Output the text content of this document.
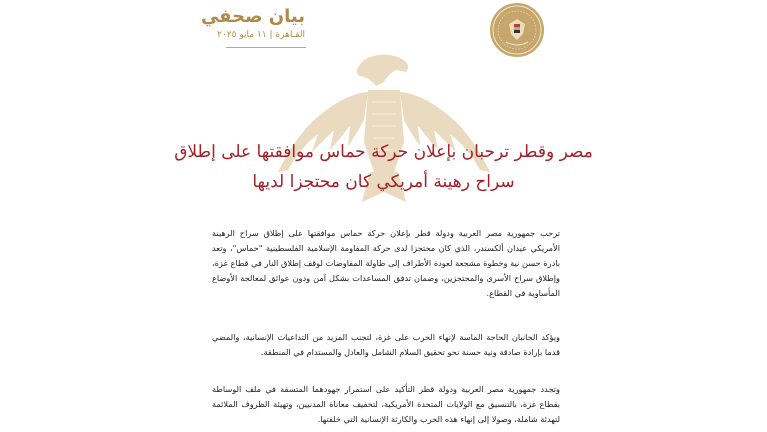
بيان صحفي
القـاهرة | ١١ مايو ٢٠٢٥
مصر وقطر ترحبان بإعلان حركة حماس موافقتها على إطلاق
سراح رهينة أمريكي كان محتجزا لديها

ترحب جمهورية مصر العربية ودولة قطر بإعلان حركة حماس موافقتها على إطلاق سراح الرهينة الأمريكي عيدان ألكسندر، الذي كان محتجزا لدى حركة المقاومة الإسلامية الفلسطينية "حماس"، وتعد بادرة حسن نية وخطوة مشجعة لعودة الأطراف إلى طاولة المفاوضات لوقف إطلاق النار في قطاع غزة، وإطلاق سراح الأسرى والمحتجزين، وضمان تدفق المساعدات بشكل آمن ودون عوائق لمعالجة الأوضاع المأساوية في القطاع.

ويؤكد الجانبان الحاجة الماسة لإنهاء الحرب على غزة، لتجنب المزيد من التداعيات الإنسانية، والمضي قدما بإرادة صادقة ونية حسنة نحو تحقيق السلام الشامل والعادل والمستدام في المنطقة.

وتجدد جمهورية مصر العربية ودولة قطر التأكيد على استمرار جهودهما المتسقة في ملف الوساطة بقطاع غزة، بالتنسيق مع الولايات المتحدة الأمريكية، لتخفيف معاناة المدنيين، وتهيئة الظروف الملائمة لتهدئة شاملة، وصولا إلى إنهاء هذه الحرب والكارثة الإنسانية التي خلفتها.
